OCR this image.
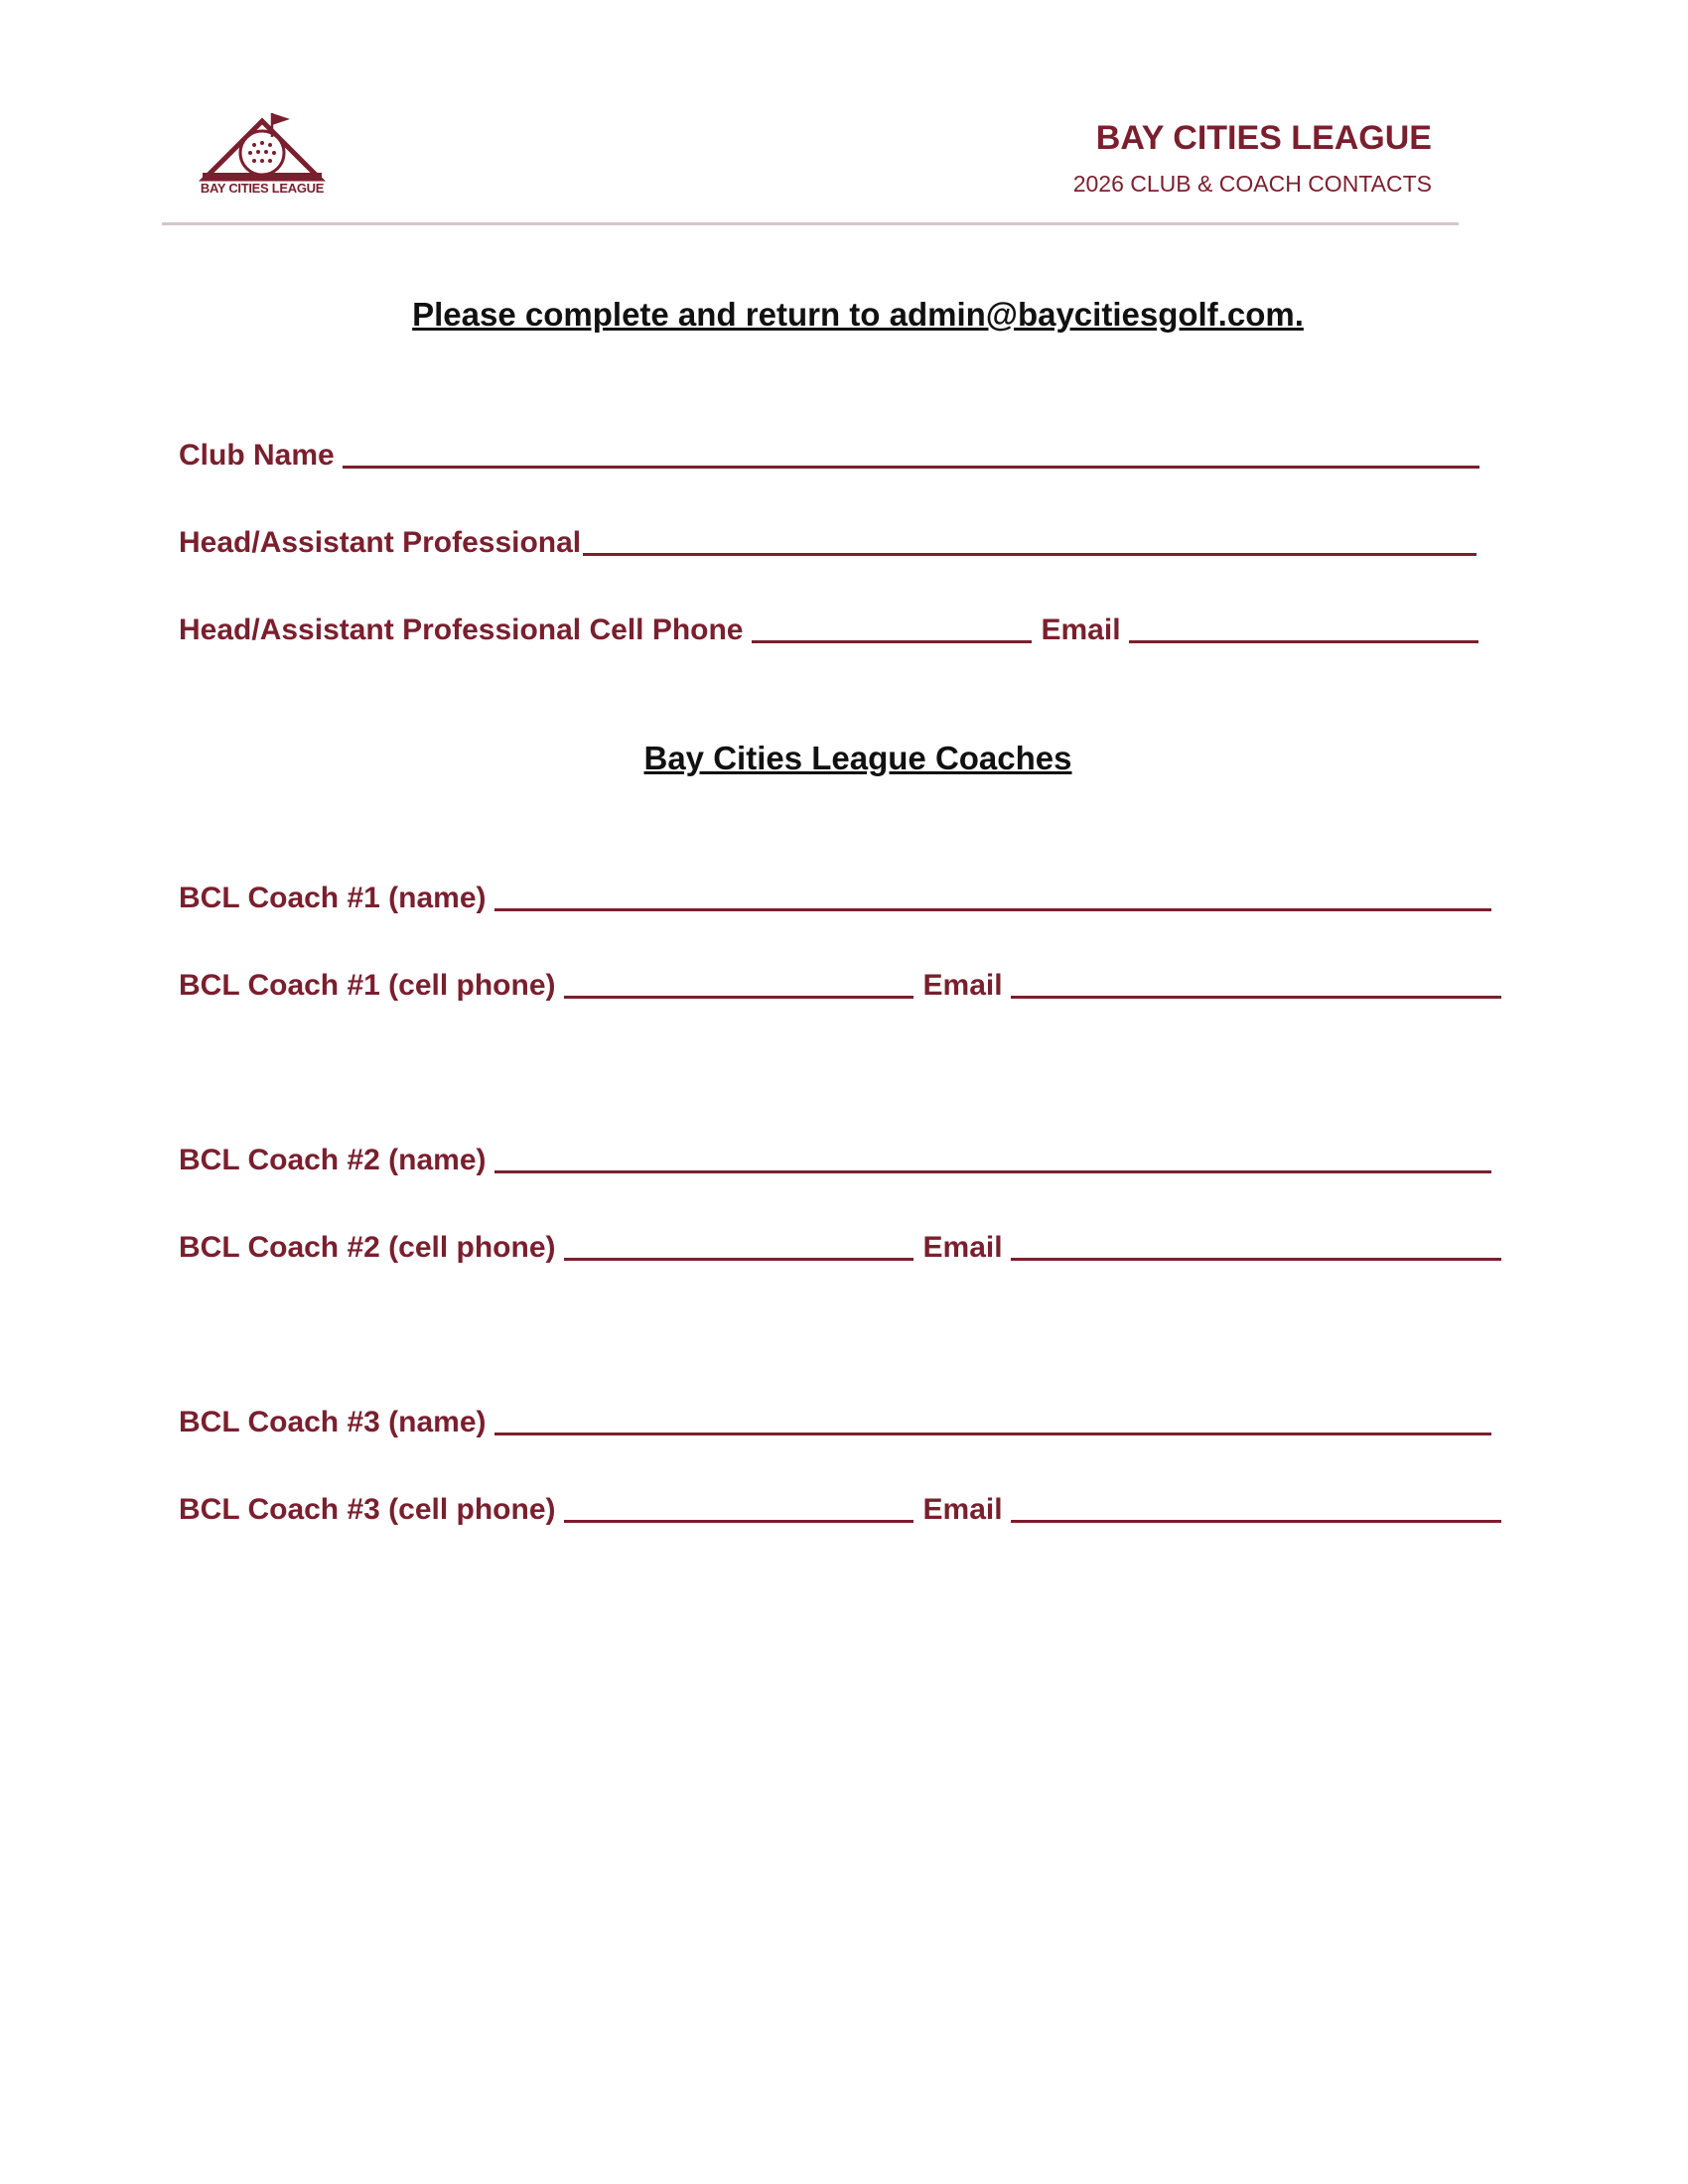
BAY CITIES LEAGUE
BAY CITIES LEAGUE
2026 CLUB & COACH CONTACTS
Please complete and return to admin@baycitiesgolf.com.
Club Name
Head/Assistant Professional
Head/Assistant Professional Cell Phone	Email
Bay Cities League Coaches
BCL Coach #1 (name)
BCL Coach #1 (cell phone)	Email
BCL Coach #2 (name)
BCL Coach #2 (cell phone)	Email
BCL Coach #3 (name)
BCL Coach #3 (cell phone)	Email
